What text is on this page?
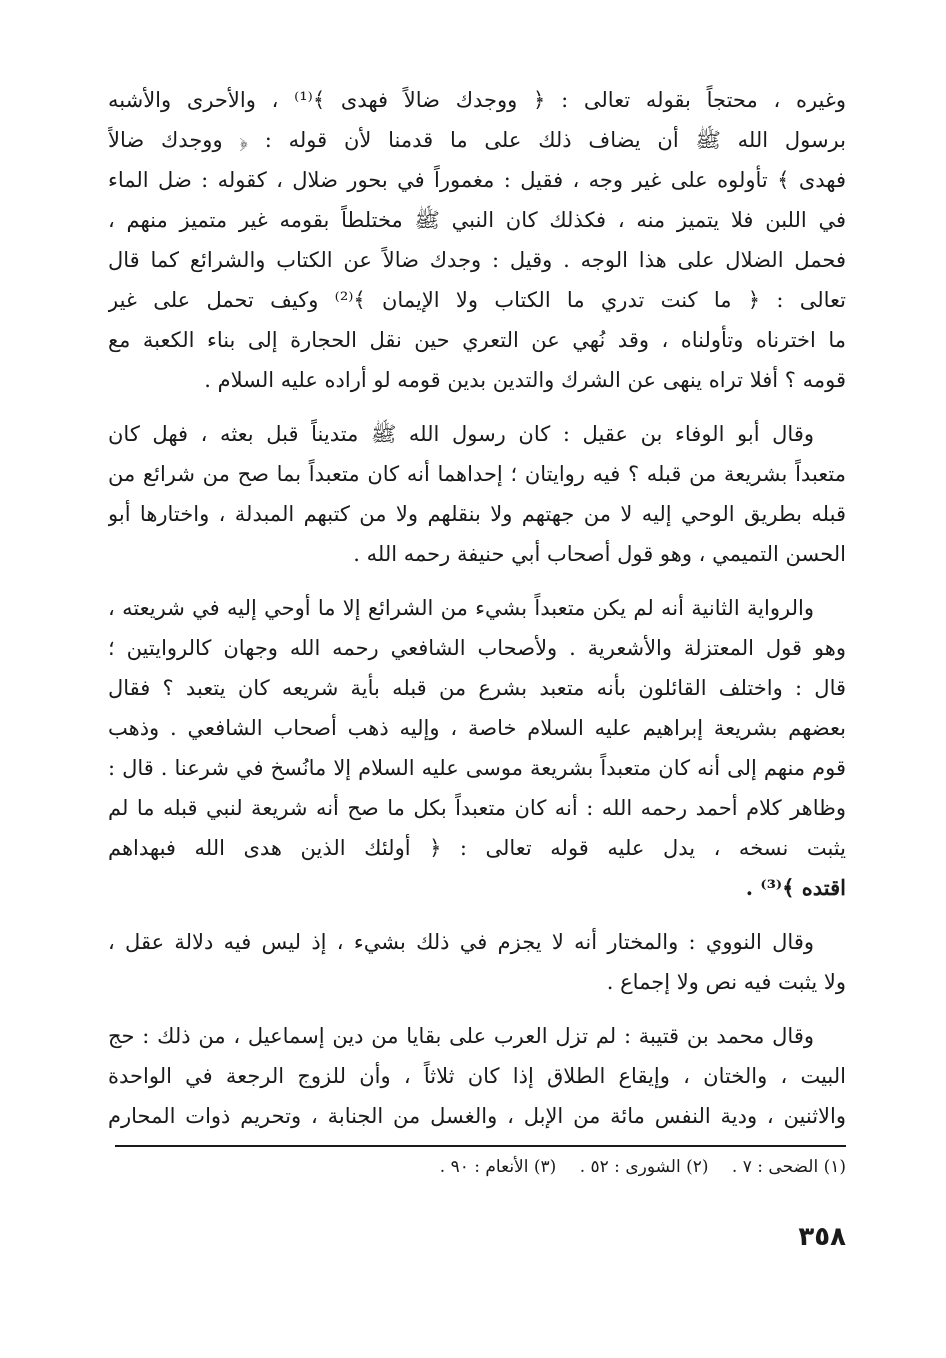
وغيره ، محتجاً بقوله تعالى : ﴿ ووجدك ضالاً فهدى ﴾⁽¹⁾ ، والأحرى والأشبه
برسول الله ﷺ أن يضاف ذلك على ما قدمنا لأن قوله : ﴿ ووجدك ضالاً
فهدى ﴾ تأولوه على غير وجه ، فقيل : مغموراً في بحور ضلال ، كقوله : ضل الماء
في اللبن فلا يتميز منه ، فكذلك كان النبي ﷺ مختلطاً بقومه غير متميز منهم ،
فحمل الضلال على هذا الوجه . وقيل : وجدك ضالاً عن الكتاب والشرائع كما قال
تعالى : ﴿ ما كنت تدري ما الكتاب ولا الإيمان ﴾⁽²⁾ وكيف تحمل على غير
ما اخترناه وتأولناه ، وقد نُهي عن التعري حين نقل الحجارة إلى بناء الكعبة مع
قومه ؟ أفلا تراه ينهى عن الشرك والتدين بدين قومه لو أراده عليه السلام .
وقال أبو الوفاء بن عقيل : كان رسول الله ﷺ متديناً قبل بعثه ، فهل كان
متعبداً بشريعة من قبله ؟ فيه روايتان ؛ إحداهما أنه كان متعبداً بما صح من شرائع من
قبله بطريق الوحي إليه لا من جهتهم ولا بنقلهم ولا من كتبهم المبدلة ، واختارها أبو
الحسن التميمي ، وهو قول أصحاب أبي حنيفة رحمه الله .
والرواية الثانية أنه لم يكن متعبداً بشيء من الشرائع إلا ما أوحي إليه في شريعته ،
وهو قول المعتزلة والأشعرية . ولأصحاب الشافعي رحمه الله وجهان كالروايتين ؛
قال : واختلف القائلون بأنه متعبد بشرع من قبله بأية شريعه كان يتعبد ؟ فقال
بعضهم بشريعة إبراهيم عليه السلام خاصة ، وإليه ذهب أصحاب الشافعي . وذهب
قوم منهم إلى أنه كان متعبداً بشريعة موسى عليه السلام إلا مانُسخ في شرعنا . قال :
وظاهر كلام أحمد رحمه الله : أنه كان متعبداً بكل ما صح أنه شريعة لنبي قبله ما لم
يثبت نسخه ، يدل عليه قوله تعالى : ﴿ أولئك الذين هدى الله فبهداهم
اقتده ﴾⁽³⁾ .
وقال النووي : والمختار أنه لا يجزم في ذلك بشيء ، إذ ليس فيه دلالة عقل ،
ولا يثبت فيه نص ولا إجماع .
وقال محمد بن قتيبة : لم تزل العرب على بقايا من دين إسماعيل ، من ذلك : حج
البيت ، والختان ، وإيقاع الطلاق إذا كان ثلاثاً ، وأن للزوج الرجعة في الواحدة
والاثنين ، ودية النفس مائة من الإبل ، والغسل من الجنابة ، وتحريم ذوات المحارم
(١) الضحى : ٧ . (٢) الشورى : ٥٢ . (٣) الأنعام : ٩٠ .
٣٥٨
